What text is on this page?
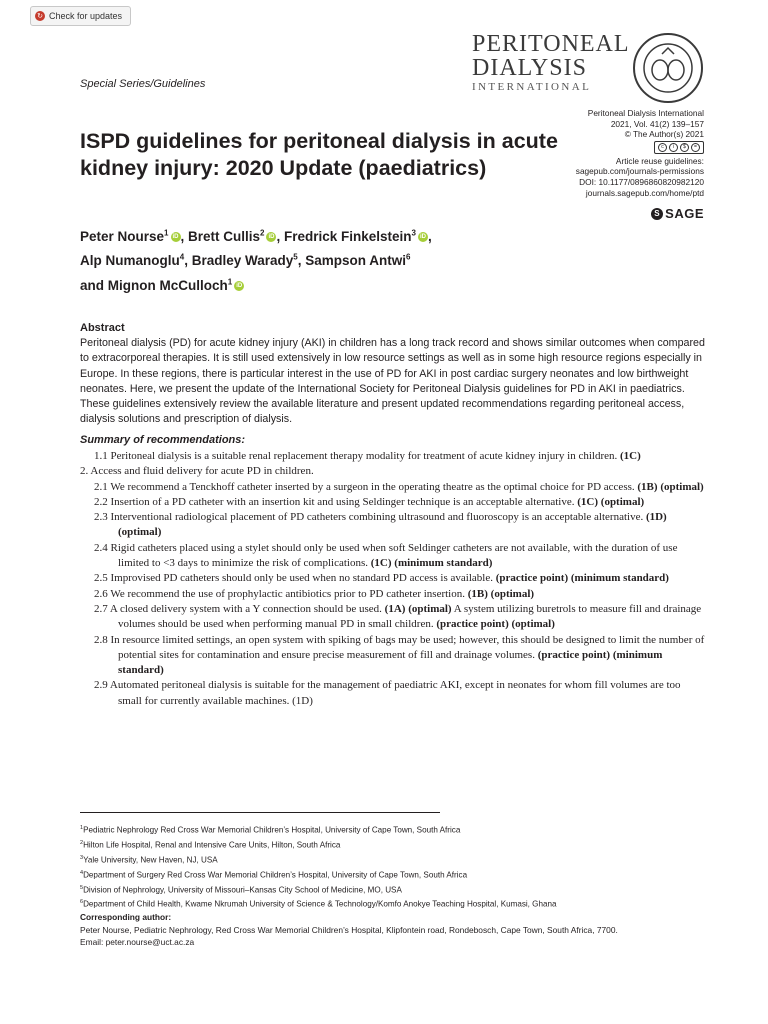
↻ Check for updates
Special Series/Guidelines
PERITONEAL
DIALYSIS
INTERNATIONAL
Peritoneal Dialysis International
2021, Vol. 41(2) 139–157
© The Author(s) 2021
c	i	$	=
Article reuse guidelines:
sagepub.com/journals-permissions
DOI: 10.1177/0896860820982120
journals.sagepub.com/home/ptd
S SAGE
ISPD guidelines for peritoneal dialysis in acute kidney injury: 2020 Update (paediatrics)
Peter Nourse$^1$ iD , Brett Cullis$^2$ iD , Fredrick Finkelstein$^3$ iD ,
Alp Numanoglu$^4$, Bradley Warady$^5$, Sampson Antwi$^6$
and Mignon McCulloch$^1$ iD
Abstract
Peritoneal dialysis (PD) for acute kidney injury (AKI) in children has a long track record and shows similar outcomes when compared to extracorporeal therapies. It is still used extensively in low resource settings as well as in some high resource regions especially in Europe. In these regions, there is particular interest in the use of PD for AKI in post cardiac surgery neonates and low birthweight neonates. Here, we present the update of the International Society for Peritoneal Dialysis guidelines for PD in AKI in paediatrics. These guidelines extensively review the available literature and present updated recommendations regarding peritoneal access, dialysis solutions and prescription of dialysis.
Summary of recommendations:

1.1 Peritoneal dialysis is a suitable renal replacement therapy modality for treatment of acute kidney injury in children. (1C)

2. Access and fluid delivery for acute PD in children.

2.1 We recommend a Tenckhoff catheter inserted by a surgeon in the operating theatre as the optimal choice for PD access. (1B) (optimal)

2.2 Insertion of a PD catheter with an insertion kit and using Seldinger technique is an acceptable alternative. (1C) (optimal)

2.3 Interventional radiological placement of PD catheters combining ultrasound and fluoroscopy is an acceptable alternative. (1D) (optimal)

2.4 Rigid catheters placed using a stylet should only be used when soft Seldinger catheters are not available, with the duration of use limited to <3 days to minimize the risk of complications. (1C) (minimum standard)

2.5 Improvised PD catheters should only be used when no standard PD access is available. (practice point) (minimum standard)

2.6 We recommend the use of prophylactic antibiotics prior to PD catheter insertion. (1B) (optimal)

2.7 A closed delivery system with a Y connection should be used. (1A) (optimal) A system utilizing buretrols to measure fill and drainage volumes should be used when performing manual PD in small children. (practice point) (optimal)

2.8 In resource limited settings, an open system with spiking of bags may be used; however, this should be designed to limit the number of potential sites for contamination and ensure precise measurement of fill and drainage volumes. (practice point) (minimum standard)

2.9 Automated peritoneal dialysis is suitable for the management of paediatric AKI, except in neonates for whom fill volumes are too small for currently available machines. (1D)

$^1$Pediatric Nephrology Red Cross War Memorial Children’s Hospital, University of Cape Town, South Africa
$^2$Hilton Life Hospital, Renal and Intensive Care Units, Hilton, South Africa
$^3$Yale University, New Haven, NJ, USA
$^4$Department of Surgery Red Cross War Memorial Children’s Hospital, University of Cape Town, South Africa
$^5$Division of Nephrology, University of Missouri–Kansas City School of Medicine, MO, USA
$^6$Department of Child Health, Kwame Nkrumah University of Science & Technology/Komfo Anokye Teaching Hospital, Kumasi, Ghana
Corresponding author:
Peter Nourse, Pediatric Nephrology, Red Cross War Memorial Children’s Hospital, Klipfontein road, Rondebosch, Cape Town, South Africa, 7700.
Email: peter.nourse@uct.ac.za
